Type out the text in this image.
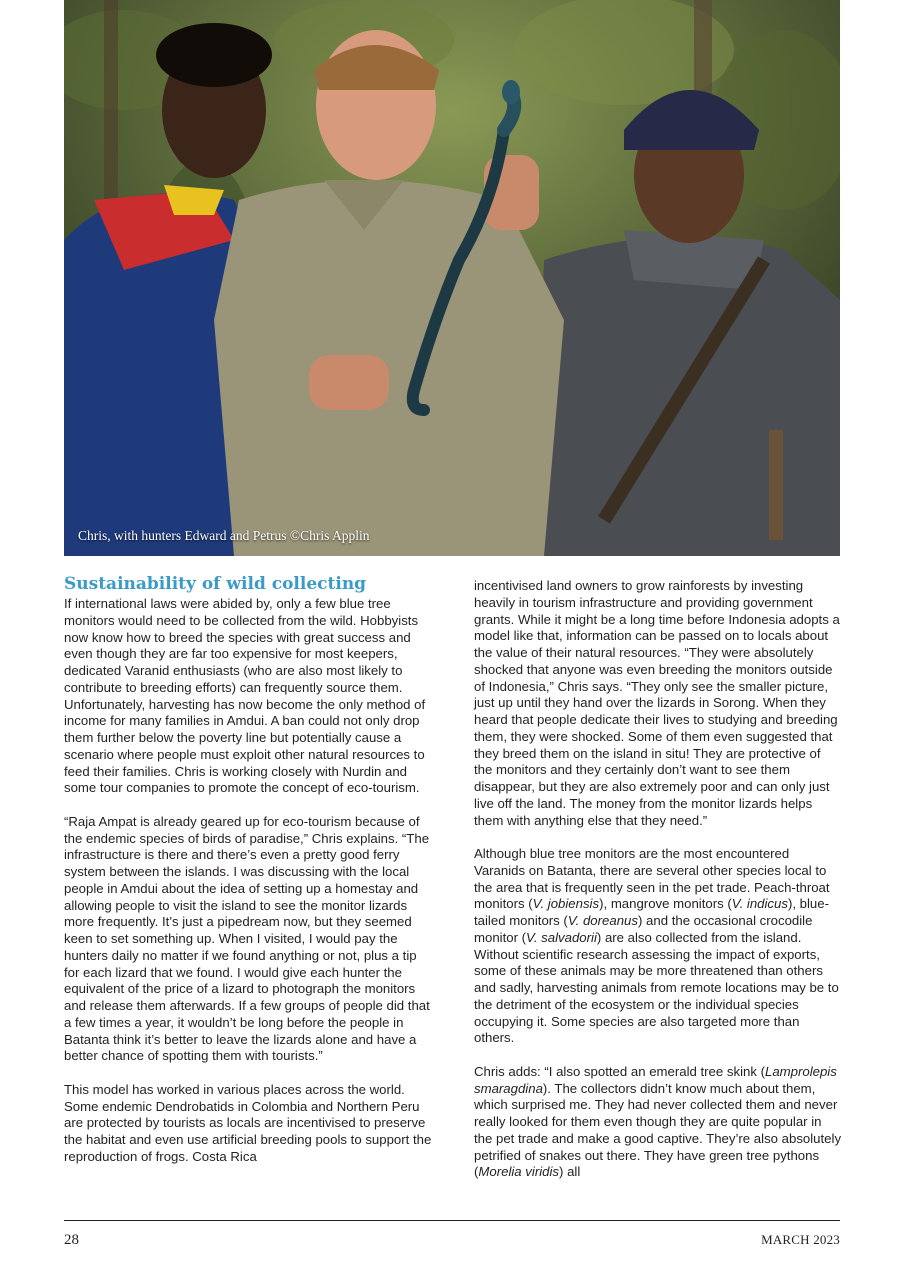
Chris, with hunters Edward and Petrus ©Chris Applin
Sustainability of wild collecting

If international laws were abided by, only a few blue tree monitors would need to be collected from the wild. Hobbyists now know how to breed the species with great success and even though they are far too expensive for most keepers, dedicated Varanid enthusiasts (who are also most likely to contribute to breeding efforts) can frequently source them. Unfortunately, harvesting has now become the only method of income for many families in Amdui. A ban could not only drop them further below the poverty line but potentially cause a scenario where people must exploit other natural resources to feed their families. Chris is working closely with Nurdin and some tour companies to promote the concept of eco-tourism.

“Raja Ampat is already geared up for eco-tourism because of the endemic species of birds of paradise,” Chris explains. “The infrastructure is there and there’s even a pretty good ferry system between the islands. I was discussing with the local people in Amdui about the idea of setting up a homestay and allowing people to visit the island to see the monitor lizards more frequently. It’s just a pipedream now, but they seemed keen to set something up. When I visited, I would pay the hunters daily no matter if we found anything or not, plus a tip for each lizard that we found. I would give each hunter the equivalent of the price of a lizard to photograph the monitors and release them afterwards. If a few groups of people did that a few times a year, it wouldn’t be long before the people in Batanta think it’s better to leave the lizards alone and have a better chance of spotting them with tourists.”

This model has worked in various places across the world. Some endemic Dendrobatids in Colombia and Northern Peru are protected by tourists as locals are incentivised to preserve the habitat and even use artificial breeding pools to support the reproduction of frogs. Costa Rica

incentivised land owners to grow rainforests by investing heavily in tourism infrastructure and providing government grants. While it might be a long time before Indonesia adopts a model like that, information can be passed on to locals about the value of their natural resources. “They were absolutely shocked that anyone was even breeding the monitors outside of Indonesia,” Chris says. “They only see the smaller picture, just up until they hand over the lizards in Sorong. When they heard that people dedicate their lives to studying and breeding them, they were shocked. Some of them even suggested that they breed them on the island in situ! They are protective of the monitors and they certainly don’t want to see them disappear, but they are also extremely poor and can only just live off the land. The money from the monitor lizards helps them with anything else that they need.”

Although blue tree monitors are the most encountered Varanids on Batanta, there are several other species local to the area that is frequently seen in the pet trade. Peach-throat monitors (V. jobiensis), mangrove monitors (V. indicus), blue-tailed monitors (V. doreanus) and the occasional crocodile monitor (V. salvadorii) are also collected from the island. Without scientific research assessing the impact of exports, some of these animals may be more threatened than others and sadly, harvesting animals from remote locations may be to the detriment of the ecosystem or the individual species occupying it. Some species are also targeted more than others.

Chris adds: “I also spotted an emerald tree skink (Lamprolepis smaragdina). The collectors didn’t know much about them, which surprised me. They had never collected them and never really looked for them even though they are quite popular in the pet trade and make a good captive. They’re also absolutely petrified of snakes out there. They have green tree pythons (Morelia viridis) all

28	MARCH 2023
